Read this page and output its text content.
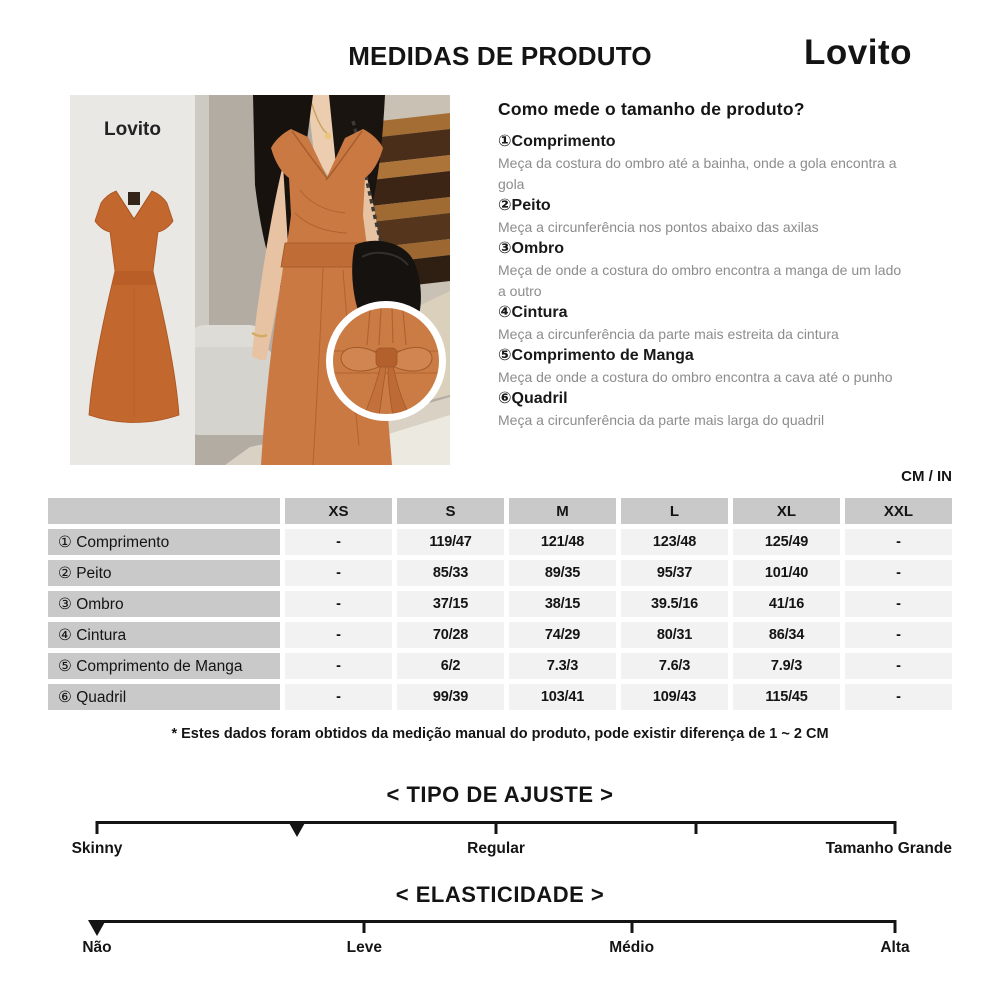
MEDIDAS DE PRODUTO	Lovito
Lovito
Como mede o tamanho de produto?
①Comprimento
Meça da costura do ombro até a bainha, onde a gola encontra a gola
②Peito
Meça a circunferência nos pontos abaixo das axilas
③Ombro
Meça de onde a costura do ombro encontra a manga de um lado a outro
④Cintura
Meça a circunferência da parte mais estreita da cintura
⑤Comprimento de Manga
Meça de onde a costura do ombro encontra a cava até o punho
⑥Quadril
Meça a circunferência da parte mais larga do quadril
CM / IN
	XS	S	M	L	XL	XXL
① Comprimento	-	119/47	121/48	123/48	125/49	-
② Peito	-	85/33	89/35	95/37	101/40	-
③ Ombro	-	37/15	38/15	39.5/16	41/16	-
④ Cintura	-	70/28	74/29	80/31	86/34	-
⑤ Comprimento de Manga	-	6/2	7.3/3	7.6/3	7.9/3	-
⑥ Quadril	-	99/39	103/41	109/43	115/45	-
* Estes dados foram obtidos da medição manual do produto, pode existir diferença de 1 ~ 2 CM
< TIPO DE AJUSTE >
Skinny	Regular	Tamanho Grande
< ELASTICIDADE >
Não	Leve	Médio	Alta
